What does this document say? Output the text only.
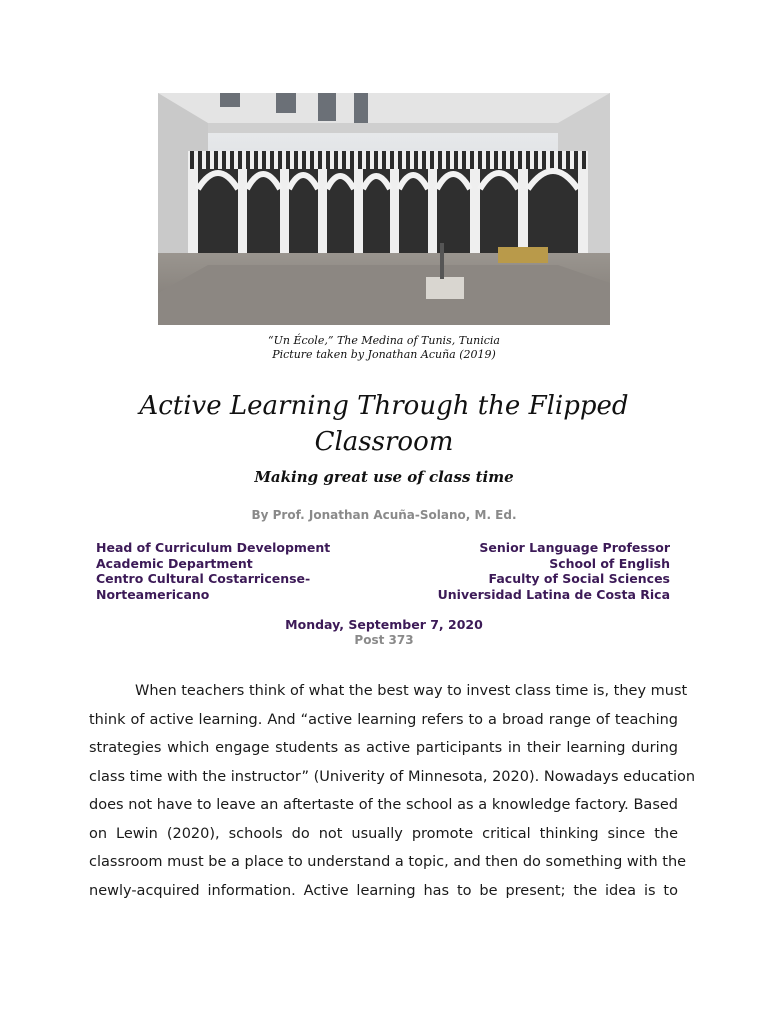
“Un École,” The Medina of Tunis, Tunicia
Picture taken by Jonathan Acuña (2019)
Active Learning Through the Flipped Classroom
Making great use of class time
By Prof. Jonathan Acuña-Solano, M. Ed.
Head of Curriculum Development
Academic Department
Centro Cultural Costarricense-
Norteamericano
Senior Language Professor
School of English
Faculty of Social Sciences
Universidad Latina de Costa Rica
Monday, September 7, 2020
Post 373
When teachers think of what the best way to invest class time is, they must
think of active learning. And “active learning refers to a broad range of teaching
strategies which engage students as active participants in their learning during
class time with the instructor” (Univerity of Minnesota, 2020). Nowadays education
does not have to leave an aftertaste of the school as a knowledge factory. Based
on Lewin (2020), schools do not usually promote critical thinking since the
classroom must be a place to understand a topic, and then do something with the
newly-acquired information. Active learning has to be present; the idea is to
